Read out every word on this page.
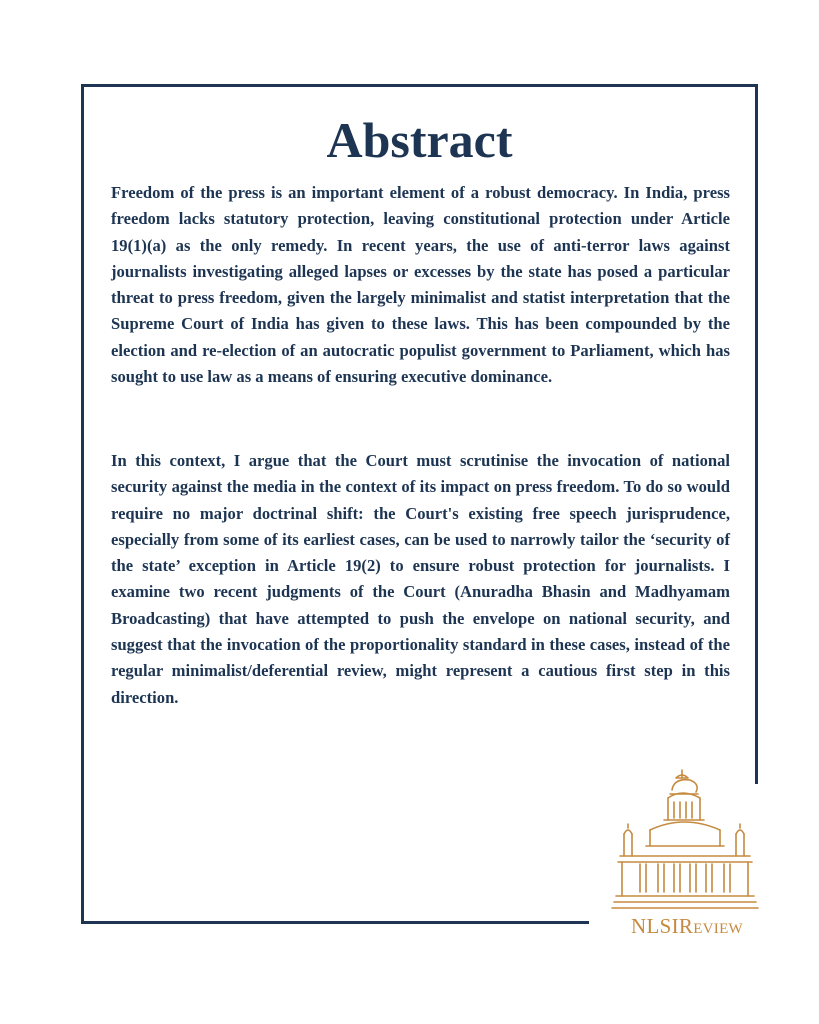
Abstract

Freedom of the press is an important element of a robust democracy. In India, press freedom lacks statutory protection, leaving constitutional protection under Article 19(1)(a) as the only remedy. In recent years, the use of anti-terror laws against journalists investigating alleged lapses or excesses by the state has posed a particular threat to press freedom, given the largely minimalist and statist interpretation that the Supreme Court of India has given to these laws. This has been compounded by the election and re-election of an autocratic populist government to Parliament, which has sought to use law as a means of ensuring executive dominance.

In this context, I argue that the Court must scrutinise the invocation of national security against the media in the context of its impact on press freedom. To do so would require no major doctrinal shift: the Court's existing free speech jurisprudence, especially from some of its earliest cases, can be used to narrowly tailor the ‘security of the state’ exception in Article 19(2) to ensure robust protection for journalists. I examine two recent judgments of the Court (Anuradha Bhasin and Madhyamam Broadcasting) that have attempted to push the envelope on national security, and suggest that the invocation of the proportionality standard in these cases, instead of the regular minimalist/deferential review, might represent a cautious first step in this direction.

NLSIREVIEW
